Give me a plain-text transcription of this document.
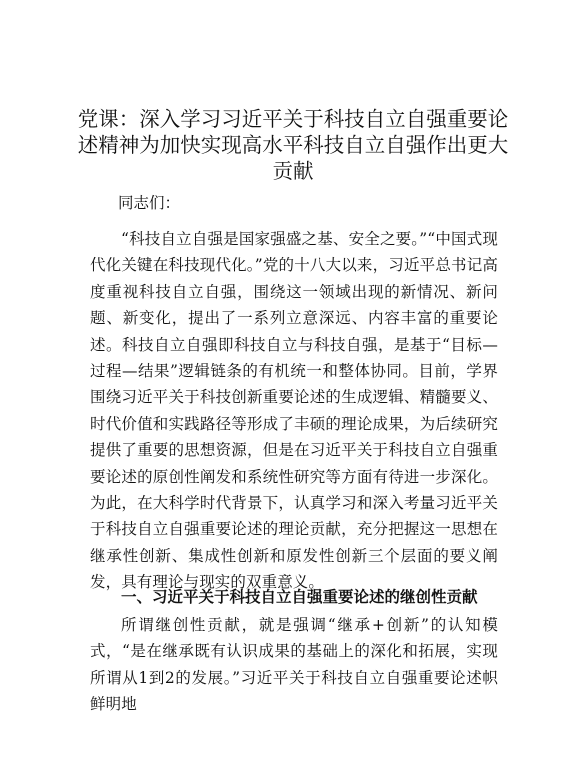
党课：深入学习习近平关于科技自立自强重要论述精神为加快实现高水平科技自立自强作出更大贡献

同志们：

“科技自立自强是国家强盛之基、安全之要。”“中国式现代化关键在科技现代化。”党的十八大以来，习近平总书记高度重视科技自立自强，围绕这一领域出现的新情况、新问题、新变化，提出了一系列立意深远、内容丰富的重要论述。科技自立自强即科技自立与科技自强，是基于“目标—过程—结果”逻辑链条的有机统一和整体协同。目前，学界围绕习近平关于科技创新重要论述的生成逻辑、精髓要义、时代价值和实践路径等形成了丰硕的理论成果，为后续研究提供了重要的思想资源，但是在习近平关于科技自立自强重要论述的原创性阐发和系统性研究等方面有待进一步深化。为此，在大科学时代背景下，认真学习和深入考量习近平关于科技自立自强重要论述的理论贡献，充分把握这一思想在继承性创新、集成性创新和原发性创新三个层面的要义阐发，具有理论与现实的双重意义。

一、习近平关于科技自立自强重要论述的继创性贡献

所谓继创性贡献，就是强调“继承+创新”的认知模式，“是在继承既有认识成果的基础上的深化和拓展，实现所谓从1到2的发展。”习近平关于科技自立自强重要论述帜鲜明地
